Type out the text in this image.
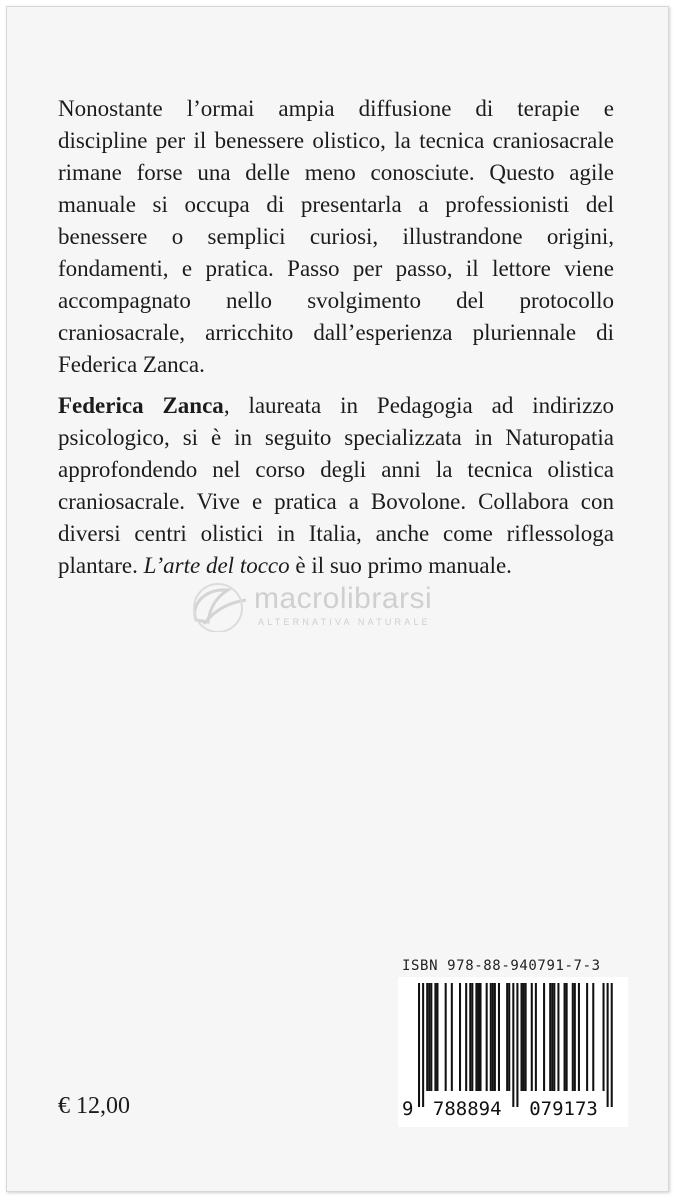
Nonostante l’ormai ampia diffusione di terapie e
discipline per il benessere olistico, la tecnica craniosacrale
rimane forse una delle meno conosciute. Questo agile
manuale si occupa di presentarla a professionisti del
benessere o semplici curiosi, illustrandone origini,
fondamenti, e pratica. Passo per passo, il lettore viene
accompagnato nello svolgimento del protocollo
craniosacrale, arricchito dall’esperienza pluriennale di
Federica Zanca.
Federica Zanca, laureata in Pedagogia ad indirizzo
psicologico, si è in seguito specializzata in Naturopatia
approfondendo nel corso degli anni la tecnica olistica
craniosacrale. Vive e pratica a Bovolone. Collabora con
diversi centri olistici in Italia, anche come riflessologa
plantare. L’arte del tocco è il suo primo manuale.
macrolibrarsi
ALTERNATIVA NATURALE
ISBN 978-88-940791-7-3
9 788894 079173
€ 12,00
